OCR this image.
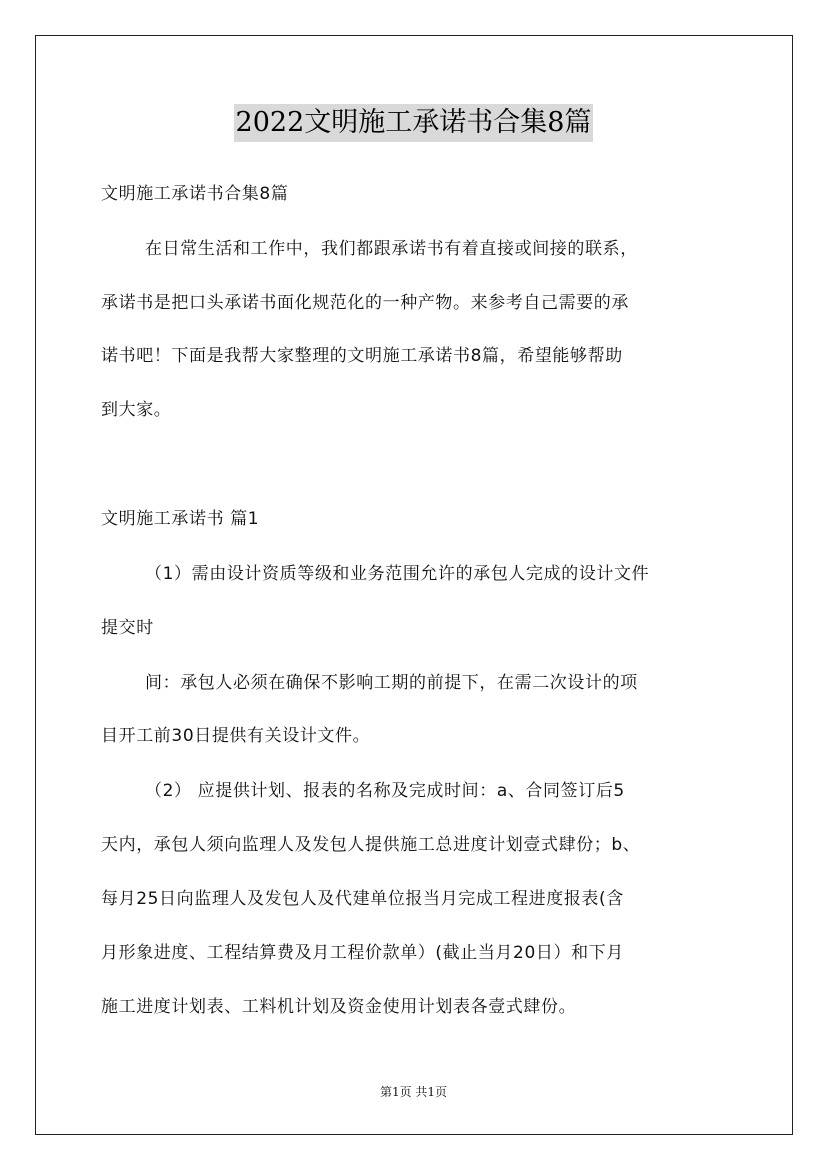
2022文明施工承诺书合集8篇
文明施工承诺书合集8篇
在日常生活和工作中，我们都跟承诺书有着直接或间接的联系，
承诺书是把口头承诺书面化规范化的一种产物。来参考自己需要的承
诺书吧！下面是我帮大家整理的文明施工承诺书8篇，希望能够帮助
到大家。
文明施工承诺书 篇1
（1）需由设计资质等级和业务范围允许的承包人完成的设计文件
提交时
间：承包人必须在确保不影响工期的前提下，在需二次设计的项
目开工前30日提供有关设计文件。
（2） 应提供计划、报表的名称及完成时间：a、合同签订后5
天内，承包人须向监理人及发包人提供施工总进度计划壹式肆份；b、
每月25日向监理人及发包人及代建单位报当月完成工程进度报表(含
月形象进度、工程结算费及月工程价款单）(截止当月20日）和下月
施工进度计划表、工料机计划及资金使用计划表各壹式肆份。
第1页 共1页
